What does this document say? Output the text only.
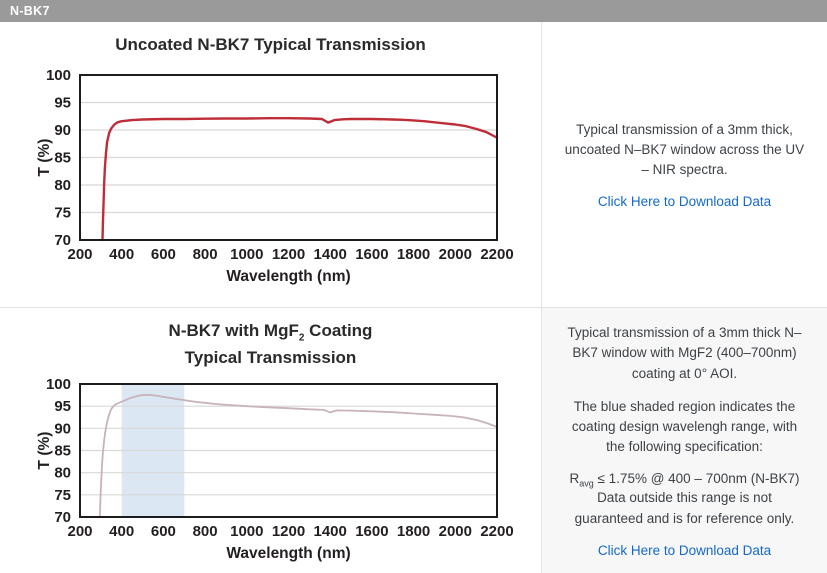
N-BK7
Uncoated N-BK7 Typical Transmission
70
75
80
85
90
95
100
200 400 600 800 1000 1200 1400 1600 1800 2000 2200
Wavelength (nm)
T (%)
Typical transmission of a 3mm thick, uncoated N–BK7 window across the UV – NIR spectra.
Click Here to Download Data
N-BK7 with MgF$_2$ Coating
Typical Transmission
70
75
80
85
90
95
100
200 400 600 800 1000 1200 1400 1600 1800 2000 2200
Wavelength (nm)
T (%)
Typical transmission of a 3mm thick N–BK7 window with MgF2 (400–700nm) coating at 0° AOI.
The blue shaded region indicates the coating design wavelengh range, with the following specification:
$R_{avg} \le 1.75\%$ @ 400 – 700nm (N-BK7)
Data outside this range is not guaranteed and is for reference only.
Click Here to Download Data
